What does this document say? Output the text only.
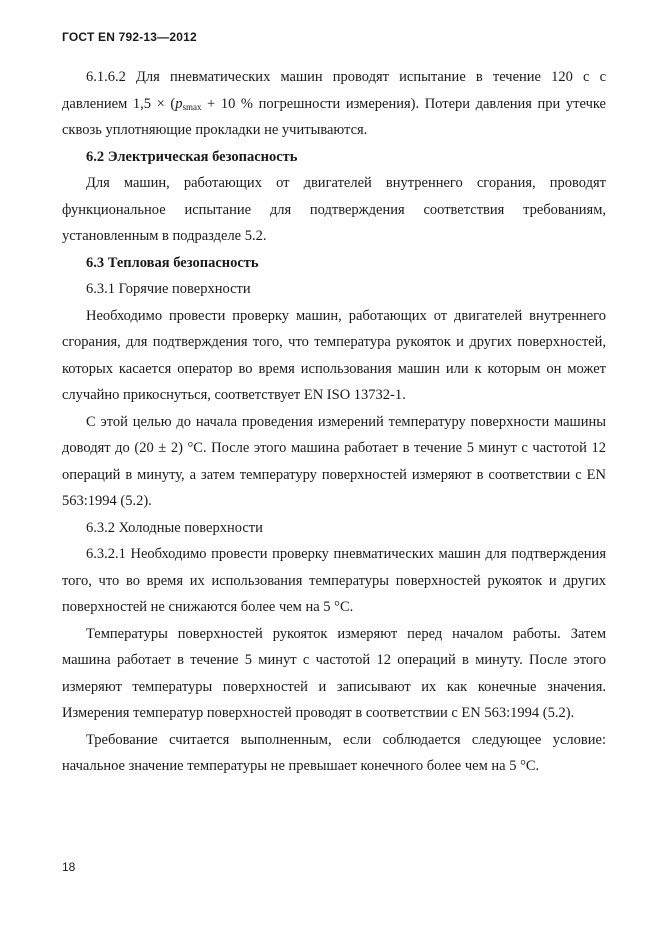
ГОСТ EN 792-13—2012

6.1.6.2 Для пневматических машин проводят испытание в течение 120 с с давлением $1,5 \times (p_{smax} + 10$ % погрешности измерения). Потери давления при утечке сквозь уплотняющие прокладки не учитываются.

6.2 Электрическая безопасность

Для машин, работающих от двигателей внутреннего сгорания, проводят функциональное испытание для подтверждения соответствия требованиям, установленным в подразделе 5.2.

6.3 Тепловая безопасность

6.3.1 Горячие поверхности

Необходимо провести проверку машин, работающих от двигателей внутреннего сгорания, для подтверждения того, что температура рукояток и других поверхностей, которых касается оператор во время использования машин или к которым он может случайно прикоснуться, соответствует EN ISO 13732-1.

С этой целью до начала проведения измерений температуру поверхности машины доводят до (20 ± 2) °С. После этого машина работает в течение 5 минут с частотой 12 операций в минуту, а затем температуру поверхностей измеряют в соответствии с EN 563:1994 (5.2).

6.3.2 Холодные поверхности

6.3.2.1 Необходимо провести проверку пневматических машин для подтверждения того, что во время их использования температуры поверхностей рукояток и других поверхностей не снижаются более чем на 5 °С.

Температуры поверхностей рукояток измеряют перед началом работы. Затем машина работает в течение 5 минут с частотой 12 операций в минуту. После этого измеряют температуры поверхностей и записывают их как конечные значения. Измерения температур поверхностей проводят в соответствии с EN 563:1994 (5.2).

Требование считается выполненным, если соблюдается следующее условие: начальное значение температуры не превышает конечного более чем на 5 °С.

18
